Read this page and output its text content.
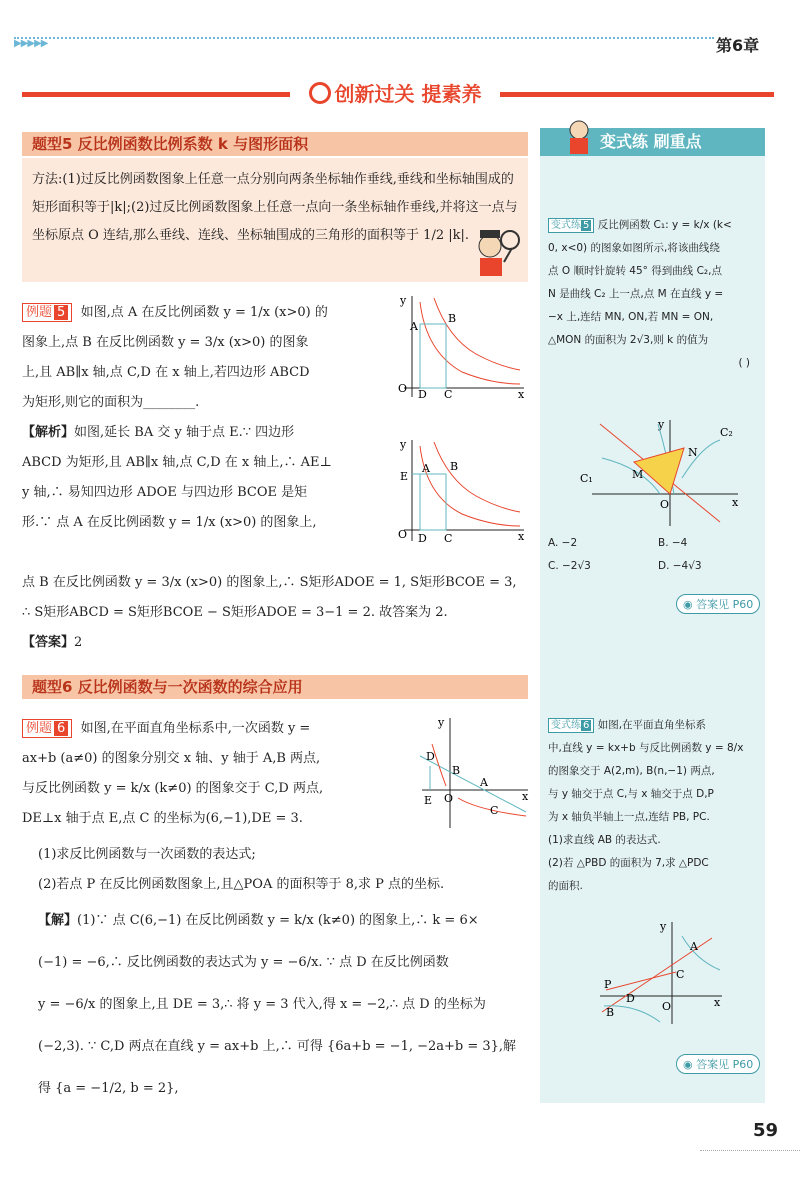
▶▶▶▶▶	第6章
创新过关 提素养
题型5 反比例函数比例系数 k 与图形面积
方法:(1)过反比例函数图象上任意一点分别向两条坐标轴作垂线,垂线和坐标轴围成的矩形面积等于|k|;(2)过反比例函数图象上任意一点向一条坐标轴作垂线,并将这一点与坐标原点 O 连结,那么垂线、连线、坐标轴围成的三角形的面积等于 1/2 |k|.
例题 5 如图,点 A 在反比例函数 y = 1/x (x>0) 的
图象上,点 B 在反比例函数 y = 3/x (x>0) 的图象
上,且 AB∥x 轴,点 C,D 在 x 轴上,若四边形 ABCD
为矩形,则它的面积为________.
【解析】如图,延长 BA 交 y 轴于点 E.∵ 四边形
ABCD 为矩形,且 AB∥x 轴,点 C,D 在 x 轴上,∴ AE⊥
y 轴,∴ 易知四边形 ADOE 与四边形 BCOE 是矩
形.∵ 点 A 在反比例函数 y = 1/x (x>0) 的图象上,
点 B 在反比例函数 y = 3/x (x>0) 的图象上,∴ S矩形ADOE = 1, S矩形BCOE = 3,
∴ S矩形ABCD = S矩形BCOE − S矩形ADOE = 3−1 = 2. 故答案为 2.
【答案】2
x
y
A
B
O D C
x
y
E
A B
O D C
题型6 反比例函数与一次函数的综合应用
例题 6 如图,在平面直角坐标系中,一次函数 y =
ax+b (a≠0) 的图象分别交 x 轴、y 轴于 A,B 两点,
与反比例函数 y = k/x (k≠0) 的图象交于 C,D 两点,
DE⊥x 轴于点 E,点 C 的坐标为(6,−1),DE = 3.
(1)求反比例函数与一次函数的表达式;
(2)若点 P 在反比例函数图象上,且△POA 的面积等于 8,求 P 点的坐标.
【解】(1)∵ 点 C(6,−1) 在反比例函数 y = k/x (k≠0) 的图象上,∴ k = 6×
(−1) = −6,∴ 反比例函数的表达式为 y = −6/x. ∵ 点 D 在反比例函数
y = −6/x 的图象上,且 DE = 3,∴ 将 y = 3 代入,得 x = −2,∴ 点 D 的坐标为
(−2,3). ∵ C,D 两点在直线 y = ax+b 上,∴ 可得 {6a+b = −1, −2a+b = 3},解得 {a = −1/2, b = 2},
x
y
D
B
E O
A
C
变式练 刷重点
变式练 5 反比例函数 C₁: y = k/x (k<
0, x<0) 的图象如图所示,将该曲线绕
点 O 顺时针旋转 45° 得到曲线 C₂,点
N 是曲线 C₂ 上一点,点 M 在直线 y =
−x 上,连结 MN, ON,若 MN = ON,
△MON 的面积为 2√3,则 k 的值为
( )
x
y
C₁
C₂
M
N
O
A. −2	B. −4
C. −2√3	D. −4√3
◉ 答案见 P60
变式练 6 如图,在平面直角坐标系
中,直线 y = kx+b 与反比例函数 y = 8/x
的图象交于 A(2,m), B(n,−1) 两点,
与 y 轴交于点 C,与 x 轴交于点 D,P
为 x 轴负半轴上一点,连结 PB, PC.
(1)求直线 AB 的表达式.
(2)若 △PBD 的面积为 7,求 △PDC
的面积.
x
y
A
C
P
D
O
B
◉ 答案见 P60
59
